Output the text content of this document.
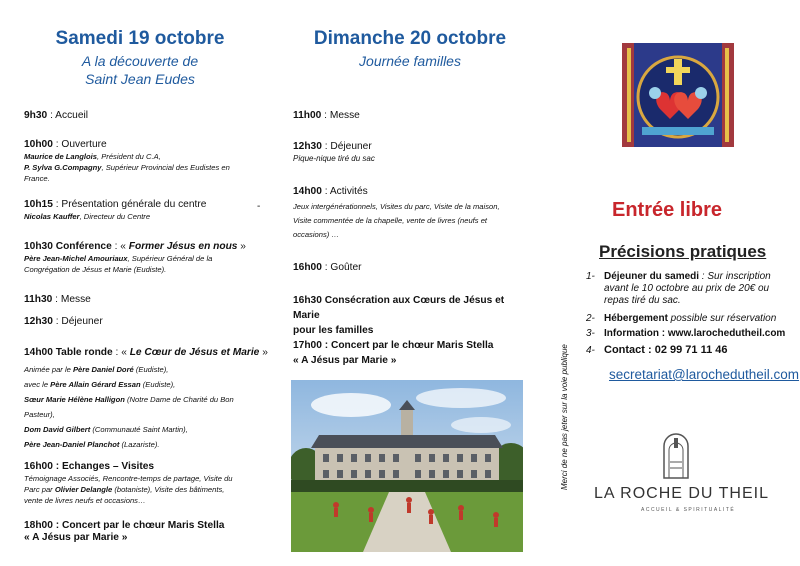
Samedi 19 octobre
A la découverte de
Saint Jean Eudes
9h30 : Accueil
10h00 : Ouverture
Maurice de Langlois, Président du C.A,
P. Sylva G.Compagny, Supérieur Provincial des Eudistes en
France.
10h15 : Présentation générale du centre
Nicolas Kauffer, Directeur du Centre
-
10h30 Conférence : « Former Jésus en nous »
Père Jean-Michel Amouriaux, Supérieur Général de la
Congrégation de Jésus et Marie (Eudiste).
11h30 : Messe
12h30 : Déjeuner
14h00 Table ronde : « Le Cœur de Jésus et Marie »
Animée par le Père Daniel Doré (Eudiste),
avec le Père Allain Gérard Essan (Eudiste),
Sœur Marie Hélène Halligon (Notre Dame de Charité du Bon
Pasteur),
Dom David Gilbert (Communauté Saint Martin),
Père Jean-Daniel Planchot (Lazariste).
16h00 : Echanges – Visites
Témoignage Associés, Rencontre-temps de partage, Visite du
Parc par Olivier Delangle (botaniste), Visite des bâtiments,
vente de livres neufs et occasions…
18h00 : Concert par le chœur Maris Stella
« A Jésus par Marie »
Dimanche 20 octobre
Journée familles
11h00 : Messe
12h30 : Déjeuner
Pique-nique tiré du sac
14h00 : Activités
Jeux intergénérationnels, Visites du parc, Visite de la maison,
Visite commentée de la chapelle, vente de livres (neufs et
occasions) …
16h00 : Goûter
16h30 Consécration aux Cœurs de Jésus et Marie
pour les familles
17h00 : Concert par le chœur Maris Stella
« A Jésus par Marie »
Entrée libre
Précisions pratiques
1- Déjeuner du samedi : Sur inscription
avant le 10 octobre au prix de 20€ ou
repas tiré du sac.
2- Hébergement possible sur réservation
3- Information : www.larochedutheil.com
4- Contact : 02 99 71 11 46
secretariat@larochedutheil.com
Merci de ne pas jeter sur la voie publique
LA ROCHE DU THEIL
ACCUEIL & SPIRITUALITÉ
